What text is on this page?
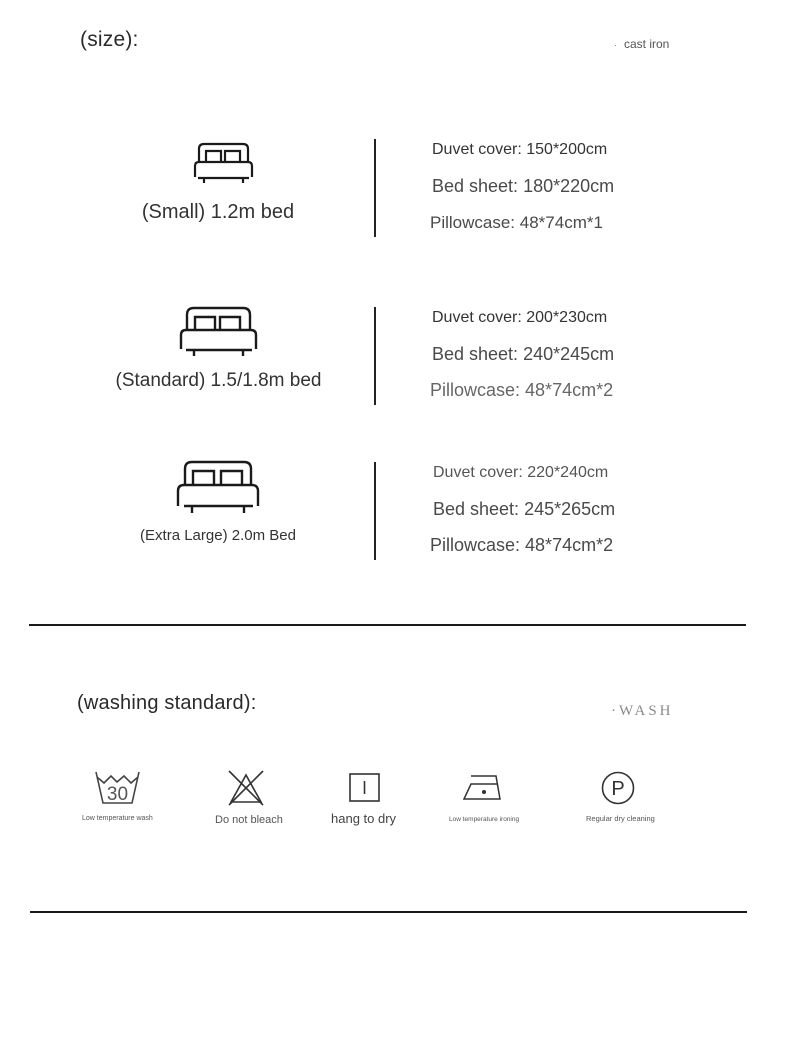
(size):	· cast iron
(Small) 1.2m bed
Duvet cover: 150*200cm
Bed sheet: 180*220cm
Pillowcase: 48*74cm*1
(Standard) 1.5/1.8m bed
Duvet cover: 200*230cm
Bed sheet: 240*245cm
Pillowcase: 48*74cm*2
(Extra Large) 2.0m Bed
Duvet cover: 220*240cm
Bed sheet: 245*265cm
Pillowcase: 48*74cm*2
(washing standard):	·WASH
30
Low temperature wash	Do not bleach	hang to dry	Low temperature ironing
P
Regular dry cleaning
